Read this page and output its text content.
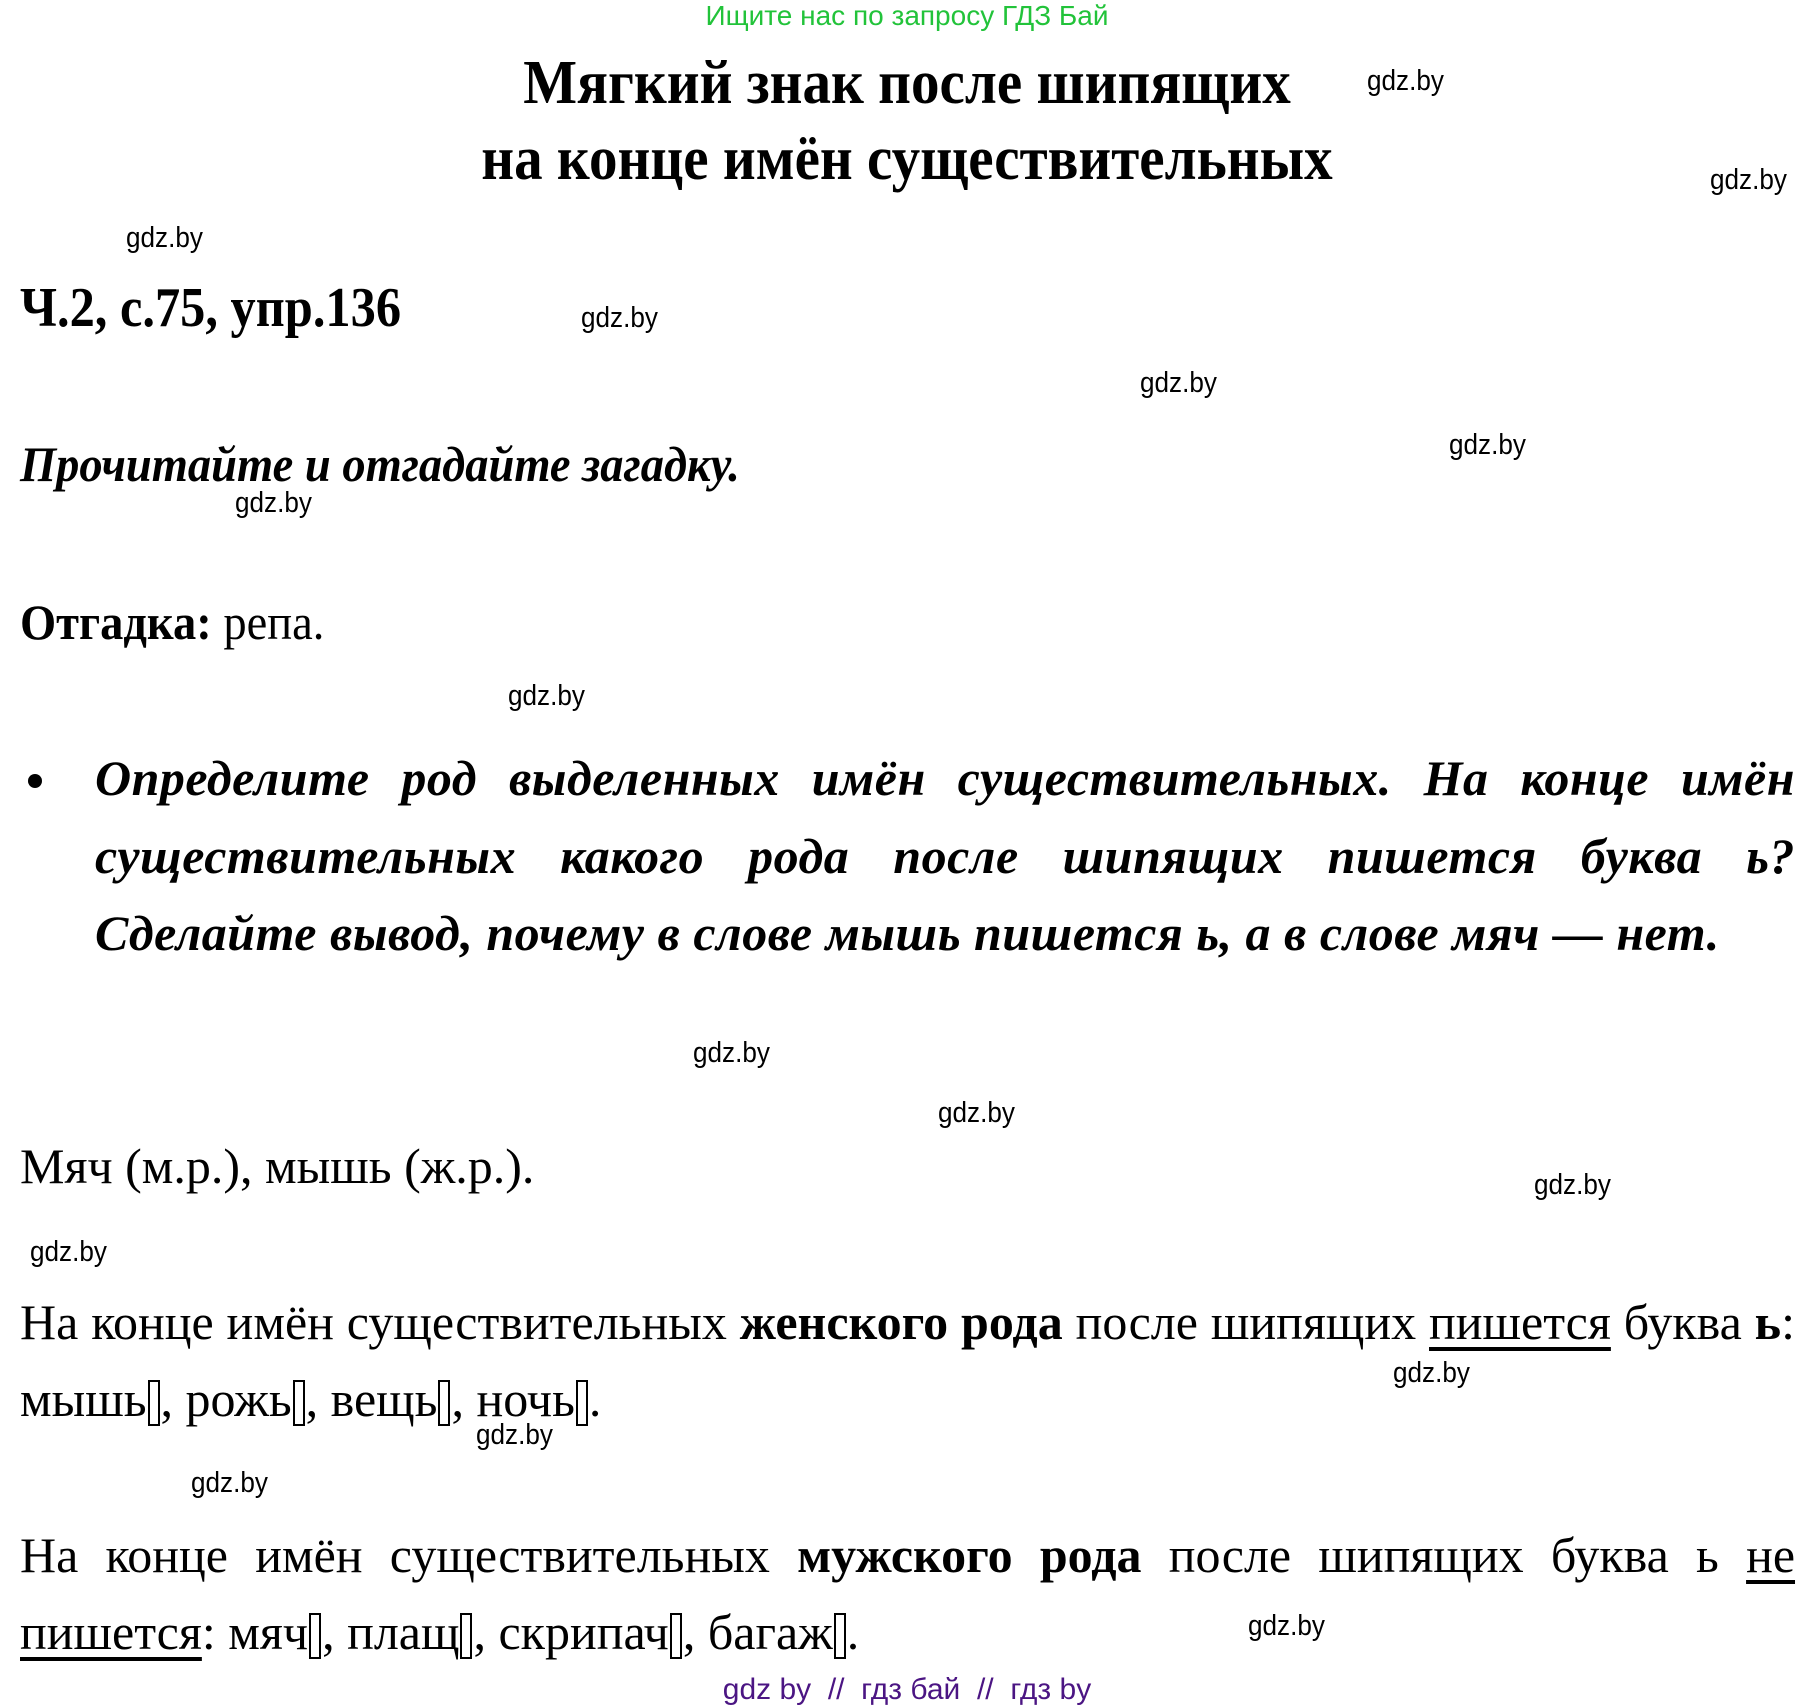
Ищите нас по запросу ГДЗ Бай
Мягкий знак после шипящих
на конце имён существительных
Ч.2, с.75, упр.136
Прочитайте и отгадайте загадку.
Отгадка: репа.
Определите род выделенных имён существительных. На конце имён существительных какого рода после шипящих пишется буква ь? Сделайте вывод, почему в слове мышь пишется ь, а в слове мяч — нет.
Мяч (м.р.), мышь (ж.р.).
На конце имён существительных женского рода после шипящих пишется буква ь: мышь , рожь , вещь , ночь .
На конце имён существительных мужского рода после шипящих буква ь не пишется: мяч , плащ , скрипач , багаж .
gdz.by
gdz.by
gdz.by
gdz.by
gdz.by
gdz.by
gdz.by
gdz.by
gdz.by
gdz.by
gdz.by
gdz.by
gdz.by
gdz.by
gdz.by
gdz.by
gdz by  //  гдз бай  //  гдз by
